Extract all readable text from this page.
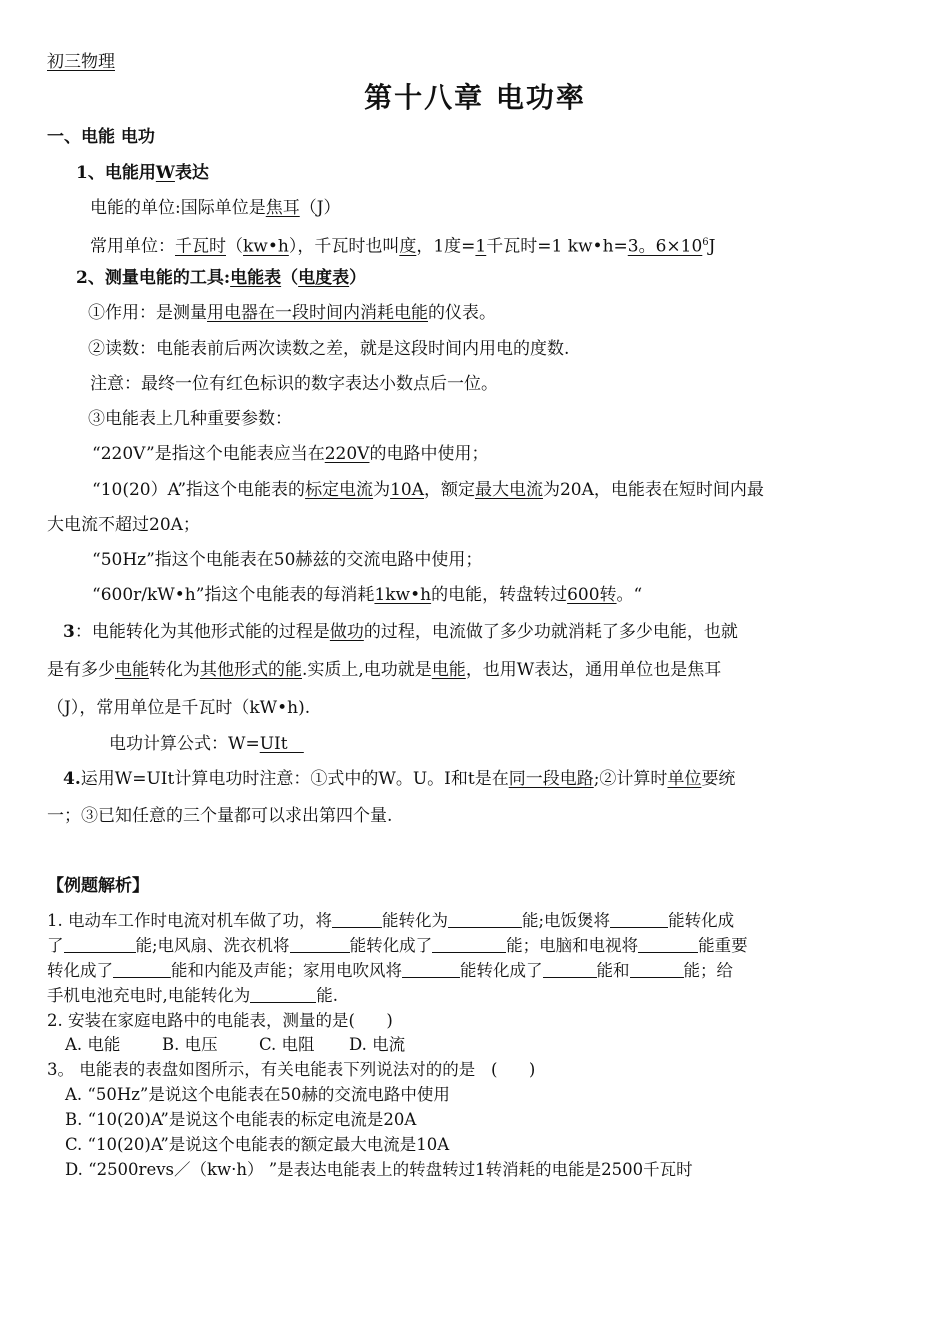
初三物理
第十八章 电功率
一、电能 电功
1、电能用W表达
电能的单位:国际单位是焦耳（J）
常用单位：千瓦时（kw•h），千瓦时也叫度，1度=1千瓦时=1 kw•h=3。$6\times 10^6J$
2、测量电能的工具:电能表（电度表）
①作用：是测量用电器在一段时间内消耗电能的仪表。
②读数：电能表前后两次读数之差，就是这段时间内用电的度数.
注意：最终一位有红色标识的数字表达小数点后一位。
③电能表上几种重要参数：
“220V”是指这个电能表应当在220V的电路中使用；
“10(20）A”指这个电能表的标定电流为10A，额定最大电流为20A，电能表在短时间内最
大电流不超过20A；
“50Hz”指这个电能表在50赫兹的交流电路中使用；
“600r/kW•h”指这个电能表的每消耗1kw•h的电能，转盘转过600转。“
3：电能转化为其他形式能的过程是做功的过程，电流做了多少功就消耗了多少电能，也就
是有多少电能转化为其他形式的能.实质上,电功就是电能，也用W表达，通用单位也是焦耳
（J），常用单位是千瓦时（kW•h).
电功计算公式：W=UIt
4.运用W=UIt计算电功时注意：①式中的W。U。I和t是在同一段电路;②计算时单位要统
一；③已知任意的三个量都可以求出第四个量.
【例题解析】
1. 电动车工作时电流对机车做了功，将	能转化为	能;电饭煲将	能转化成
了	能;电风扇、洗衣机将	能转化成了	能；电脑和电视将	能重要
转化成了	能和内能及声能；家用电吹风将	能转化成了	能和	能；给
手机电池充电时,电能转化为	能.
2. 安装在家庭电路中的电能表，测量的是(      )
A. 电能	B. 电压	C. 电阻 D. 电流
3。 电能表的表盘如图所示，有关电能表下列说法对的的是   (      )
A. “50Hz”是说这个电能表在50赫的交流电路中使用
B. “10(20)A”是说这个电能表的标定电流是20A
C. “10(20)A”是说这个电能表的额定最大电流是10A
D. “2500revs／（kw·h） ”是表达电能表上的转盘转过1转消耗的电能是2500千瓦时
